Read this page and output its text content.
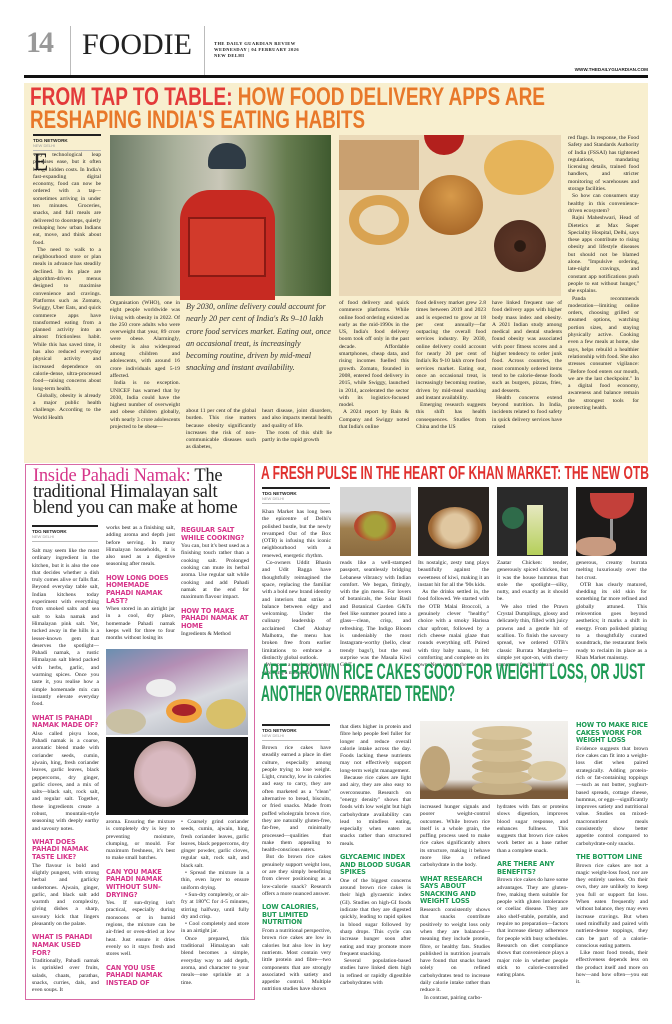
14 FOODIE	THE DAILY GUARDIAN REVIEW
WEDNESDAY | 04 FEBRUARY 2026
NEW DELHI
WWW.THEDAILYGUARDIAN.COM
FROM TAP TO TABLE: HOW FOOD DELIVERY APPS ARE
RESHAPING INDIA'S EATING HABITS
TDG NETWORK
NEW DELHI
E

very technological leap promises ease, but it often brings hidden costs. In India's fast-expanding digital economy, food can now be ordered with a tap—sometimes arriving in under ten minutes. Groceries, snacks, and full meals are delivered to doorsteps, quietly reshaping how urban Indians eat, move, and think about food.

The need to walk to a neighbourhood store or plan meals in advance has steadily declined. In its place are algorithm-driven menus designed to maximise convenience and cravings. Platforms such as Zomato, Swiggy, Uber Eats, and quick commerce apps have transformed eating from a planned activity into an almost frictionless habit. While this has saved time, it has also reduced everyday physical activity and increased dependence on calorie-dense, ultra-processed food—raising concerns about long-term health.

Globally, obesity is already a major public health challenge. According to the World Health

Organisation (WHO), one in eight people worldwide was living with obesity in 2022. Of the 250 crore adults who were overweight that year, 89 crore were obese. Alarmingly, obesity is also widespread among children and adolescents, with around 16 crore individuals aged 5-19 affected.

India is no exception. UNICEF has warned that by 2030, India could have the highest number of overweight and obese children globally, with nearly 3 crore adolescents projected to be obese—

By 2030, online delivery could account for nearly 20 per cent of India's Rs 9–10 lakh crore food services market. Eating out, once an occasional treat, is increasingly becoming routine, driven by mid-meal snacking and instant availability.

about 11 per cent of the global burden. This rise matters because obesity significantly increases the risk of non-communicable diseases such as diabetes,

heart disease, joint disorders, and also impacts mental health and quality of life.

The roots of this shift lie partly in the rapid growth

of food delivery and quick commerce platforms. While online food ordering existed as early as the mid-1990s in the US, India's food delivery boom took off only in the past decade. Affordable smartphones, cheap data, and rising incomes fuelled this growth. Zomato, founded in 2008, entered food delivery in 2015, while Swiggy, launched in 2014, accelerated the sector with its logistics-focused model.

A 2024 report by Bain & Company and Swiggy noted that India's online

food delivery market grew 2.8 times between 2019 and 2023 and is expected to grow at 18 per cent annually—far outpacing the overall food services industry. By 2030, online delivery could account for nearly 20 per cent of India's Rs 9-10 lakh crore food services market. Eating out, once an occasional treat, is increasingly becoming routine, driven by mid-meal snacking and instant availability.

Emerging research suggests this shift has health consequences. Studies from China and the US

have linked frequent use of food delivery apps with higher body mass index and obesity. A 2021 Indian study among medical and dental students found obesity was associated with poor fitness scores and a higher tendency to order junk food. Across countries, the most commonly ordered items tend to be calorie-dense foods such as burgers, pizzas, fries, and desserts.

Health concerns extend beyond nutrition. In India, incidents related to food safety in quick delivery services have raised

red flags. In response, the Food Safety and Standards Authority of India (FSSAI) has tightened regulations, mandating licensing details, trained food handlers, and stricter monitoring of warehouses and storage facilities.

So how can consumers stay healthy in this convenience-driven ecosystem?

Rajni Maheshwari, Head of Dietetics at Max Super Speciality Hospital, Delhi, says these apps contribute to rising obesity and lifestyle diseases but should not be blamed alone. "Impulsive ordering, late-night cravings, and constant app notifications push people to eat without hunger," she explains.

Panda recommends moderation—limiting online orders, choosing grilled or steamed options, watching portion sizes, and staying physically active. Cooking even a few meals at home, she says, helps rebuild a healthier relationship with food. She also stresses consumer vigilance: "Before food enters our mouth, we are the last checkpoint." In a digital food economy, awareness and balance remain the strongest tools for protecting health.

Inside Pahadi Namak: The traditional Himalayan salt blend you can make at home
TDG NETWORK
NEW DELHI

Salt may seem like the most ordinary ingredient in the kitchen, but it is also the one that decides whether a dish truly comes alive or falls flat. Beyond everyday table salt, Indian kitchens today experiment with everything from smoked salts and sea salt to kala namak and Himalayan pink salt. Yet, tucked away in the hills is a lesser-known gem that deserves the spotlight—Pahadi namak, a rustic Himalayan salt blend packed with herbs, garlic, and warming spices. Once you taste it, you realise how a simple homemade mix can instantly elevate everyday food.

WHAT IS PAHADI NAMAK MADE OF?

Also called pisyu loon, Pahadi namak is a coarse, aromatic blend made with coriander seeds, cumin, ajwain, hing, fresh coriander leaves, garlic leaves, black peppercorns, dry ginger, garlic cloves, and a mix of salts—black salt, rock salt, and regular salt. Together, these ingredients create a robust, mountain-style seasoning with deeply earthy and savoury notes.

WHAT DOES PAHADI NAMAK TASTE LIKE?

The flavour is bold and slightly pungent, with strong herbal and garlicky undertones. Ajwain, ginger, garlic, and black salt add warmth and complexity, giving dishes a sharp, savoury kick that lingers pleasantly on the palate.

WHAT IS PAHADI NAMAK USED FOR?

Traditionally, Pahadi namak is sprinkled over fruits, salads, chaats, parathas, snacks, curries, dals, and even soups. It

works best as a finishing salt, adding aroma and depth just before serving. In many Himalayan households, it is also used as a digestive seasoning after meals.

HOW LONG DOES HOMEMADE PAHADI NAMAK LAST?

When stored in an airtight jar in a cool, dry place, homemade Pahadi namak keeps well for three to four months without losing its

REGULAR SALT WHILE COOKING?

You can, but it's best used as a finishing touch rather than a cooking salt. Prolonged cooking can mute its herbal aroma. Use regular salt while cooking and add Pahadi namak at the end for maximum flavour impact.

HOW TO MAKE PAHADI NAMAK AT HOME

Ingredients & Method

aroma. Ensuring the mixture is completely dry is key to preventing moisture, clumping, or mould. For maximum freshness, it's best to make small batches.

CAN YOU MAKE PAHADI NAMAK WITHOUT SUN-DRYING?

Yes. If sun-drying isn't practical, especially during monsoons or in humid regions, the mixture can be air-fried or oven-dried at low heat. Just ensure it dries evenly so it stays fresh and stores well.

CAN YOU USE PAHADI NAMAK INSTEAD OF

• Coarsely grind coriander seeds, cumin, ajwain, hing, fresh coriander leaves, garlic leaves, black peppercorns, dry ginger powder, garlic cloves, regular salt, rock salt, and black salt.

• Spread the mixture in a thin, even layer to ensure uniform drying.

• Sun-dry completely, or air-fry at 180°C for 4-5 minutes, stirring halfway, until fully dry and crisp.

• Cool completely and store in an airtight jar.

Once prepared, this traditional Himalayan salt blend becomes a simple, everyday way to add depth, aroma, and character to your meals—one sprinkle at a time.

A FRESH PULSE IN THE HEART OF KHAN MARKET: THE NEW OTB
TDG NETWORK
NEW DELHI

Khan Market has long been the epicentre of Delhi's polished bustle, but the newly revamped Out of the Box (OTB) is infusing this iconic neighbourhood with a renewed, energetic rhythm.

Co-owners Uddit Bhasin and Udit Bagga have thoughtfully reimagined the space, replacing the familiar with a bold new brand identity and interiors that strike a balance between edgy and welcoming. Under the culinary leadership of acclaimed Chef Akshay Malhotra, the menu has broken free from earlier limitations to embrace a distinctly global outlook.

We spent a weekend evening exploring a menu that

reads like a well-stamped passport, seamlessly bridging Lebanese vibrancy with Indian comfort. We began, fittingly, with the gin menu. For lovers of botanicals, the Solar Basil and Botanical Garden G&Ts feel like summer poured into a glass—clean, crisp, and refreshing. The Indigo Bloom is undeniably the most Instagram-worthy (hello, clear trendy bags!), but the real surprise was the Masala Kiwi G&T.

Its nostalgic, zesty tang plays beautifully against the sweetness of kiwi, making it an instant hit for all the '90s kids.

As the drinks settled in, the food followed. We started with the OTB Malai Broccoli, a genuinely clever "healthy" choice with a smoky Harissa char upfront, followed by a rich cheese malai glaze that rounds everything off. Paired with tiny baby naans, it felt comforting and complete on its own. Next up was the

Zaatar Chicken: tender, generously spiced chicken, but it was the house hummus that stole the spotlight—silky, nutty, and exactly as it should be.

We also tried the Prawn Crystal Dumplings, glossy and delicately thin, filled with juicy prawns and a gentle hit of scallion. To finish the savoury spread, we ordered OTB's classic Burrata Margherita—simple yet spot-on, with cherry tomatoes, fresh basil, and

generous, creamy burrata melting luxuriously over the hot crust.

OTB has clearly matured, shedding its old skin for something far more refined and globally attuned. This reinvention goes beyond aesthetics; it marks a shift in energy. From polished plating to a thoughtfully curated soundtrack, the restaurant feels ready to reclaim its place as a Khan Market mainstay.

ARE BROWN RICE CAKES GOOD FOR WEIGHT LOSS, OR JUST
ANOTHER OVERRATED TREND?
TDG NETWORK
NEW DELHI

Brown rice cakes have steadily earned a place in diet culture, especially among people trying to lose weight. Light, crunchy, low in calories and easy to carry, they are often marketed as a "clean" alternative to bread, biscuits, or fried snacks. Made from puffed wholegrain brown rice, they are naturally gluten-free, fat-free, and minimally processed—qualities that make them appealing to health-conscious eaters.

But do brown rice cakes genuinely support weight loss, or are they simply benefiting from clever positioning as a low-calorie snack? Research offers a more nuanced answer.

LOW CALORIES, BUT LIMITED NUTRITION

From a nutritional perspective, brown rice cakes are low in calories but also low in key nutrients. Most contain very little protein and fibre—two components that are strongly associated with satiety and appetite control. Multiple nutrition studies have shown

that diets higher in protein and fibre help people feel fuller for longer and reduce overall calorie intake across the day. Foods lacking these nutrients may not effectively support long-term weight management.

Because rice cakes are light and airy, they are also easy to overconsume. Research on "energy density" shows that foods with low weight but high carbohydrate availability can lead to mindless eating, especially when eaten as snacks rather than structured meals.

GLYCAEMIC INDEX AND BLOOD SUGAR SPIKES

One of the biggest concerns around brown rice cakes is their high glycaemic index (GI). Studies on high-GI foods indicate that they are digested quickly, leading to rapid spikes in blood sugar followed by sharp drops. This cycle can increase hunger soon after eating and may promote more frequent snacking.

Several population-based studies have linked diets high in refined or rapidly digestible carbohydrates with

increased hunger signals and poorer weight-control outcomes. While brown rice itself is a whole grain, the puffing process used to make rice cakes significantly alters its structure, making it behave more like a refined carbohydrate in the body.

WHAT RESEARCH SAYS ABOUT SNACKING AND WEIGHT LOSS

Research consistently shows that snacks contribute positively to weight loss only when they are balanced—meaning they include protein, fibre, or healthy fats. Studies published in nutrition journals have found that snacks based solely on refined carbohydrates tend to increase daily calorie intake rather than reduce it.

In contrast, pairing carbo-

hydrates with fats or proteins slows digestion, improves blood sugar response, and enhances fullness. This suggests that brown rice cakes work better as a base rather than a complete snack.

ARE THERE ANY BENEFITS?

Brown rice cakes do have some advantages. They are gluten-free, making them suitable for people with gluten intolerance or coeliac disease. They are also shelf-stable, portable, and require no preparation—factors that increase dietary adherence for people with busy schedules. Research on diet compliance shows that convenience plays a major role in whether people stick to calorie-controlled eating plans.

HOW TO MAKE RICE CAKES WORK FOR WEIGHT LOSS

Evidence suggests that brown rice cakes can fit into a weight-loss diet when paired strategically. Adding protein-rich or fat-containing toppings—such as nut butter, yoghurt-based spreads, cottage cheese, hummus, or eggs—significantly improves satiety and nutritional value. Studies on mixed-macronutrient meals consistently show better appetite control compared to carbohydrate-only snacks.

THE BOTTOM LINE

Brown rice cakes are not a magic weight-loss food, nor are they entirely useless. On their own, they are unlikely to keep you full or support fat loss. When eaten frequently and without balance, they may even increase cravings. But when used mindfully and paired with nutrient-dense toppings, they can be part of a calorie-conscious eating pattern.

Like most food trends, their effectiveness depends less on the product itself and more on how—and how often—you eat it.
